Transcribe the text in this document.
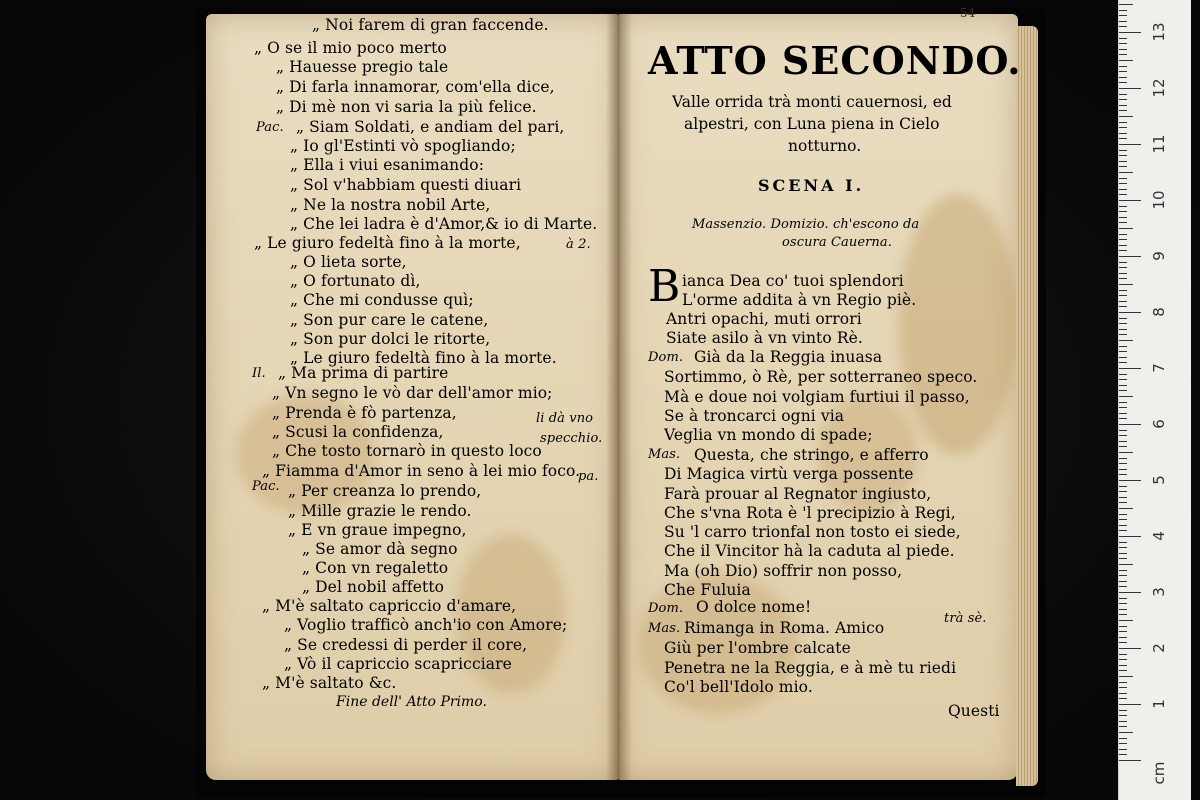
„ Noi farem di gran faccende.
„ O se il mio poco merto
„ Hauesse pregio tale
„ Di farla innamorar, com'ella dice,
„ Di mè non vi saria la più felice.
Pac. „ Siam Soldati, e andiam del pari,
„ Io gl'Estinti vò spogliando;
„ Ella i viui esanimando:
„ Sol v'habbiam questi diuari
„ Ne la nostra nobil Arte,
„ Che lei ladra è d'Amor,& io di Marte.
„ Le giuro fedeltà fino à la morte,	à 2.
„ O lieta sorte,
„ O fortunato dì,
„ Che mi condusse quì;
„ Son pur care le catene,
„ Son pur dolci le ritorte,
„ Le giuro fedeltà fino à la morte.
Il. „ Ma prima di partire
„ Vn segno le vò dar dell'amor mio;
„ Prenda è fò partenza,	li dà vno
„ Scusi la confidenza,	specchio.
„ Che tosto tornarò in questo loco
„ Fiamma d'Amor in seno à lei mio foco.
pa.
Pac. „ Per creanza lo prendo,
„ Mille grazie le rendo.
„ E vn graue impegno,
„ Se amor dà segno
„ Con vn regaletto
„ Del nobil affetto
„ M'è saltato capriccio d'amare,
„ Voglio trafficò anch'io con Amore;
„ Se credessi di perder il core,
„ Vò il capriccio scapricciare
„ M'è saltato &c.
Fine dell' Atto Primo.
54
ATTO SECONDO.
Valle orrida trà monti cauernosi, ed
alpestri, con Luna piena in Cielo
notturno.
SCENA I.
Massenzio. Domizio. ch'escono da
oscura Cauerna.
B ianca Dea co' tuoi splendori
L'orme addita à vn Regio piè.
Antri opachi, muti orrori
Siate asilo à vn vinto Rè.
Dom. Già da la Reggia inuasa
Sortimmo, ò Rè, per sotterraneo speco.
Mà e doue noi volgiam furtiui il passo,
Se à troncarci ogni via
Veglia vn mondo di spade;
Mas. Questa, che stringo, e afferro
Di Magica virtù verga possente
Farà prouar al Regnator ingiusto,
Che s'vna Rota è 'l precipizio à Regi,
Su 'l carro trionfal non tosto ei siede,
Che il Vincitor hà la caduta al piede.
Ma (oh Dio) soffrir non posso,
Che Fuluia
Dom. O dolce nome!
trà sè.
Mas. Rimanga in Roma. Amico
Giù per l'ombre calcate
Penetra ne la Reggia, e à mè tu riedi
Co'l bell'Idolo mio.
Questi
cm
1
2
3
4
5
6
7
8
9
10
11
12
13
